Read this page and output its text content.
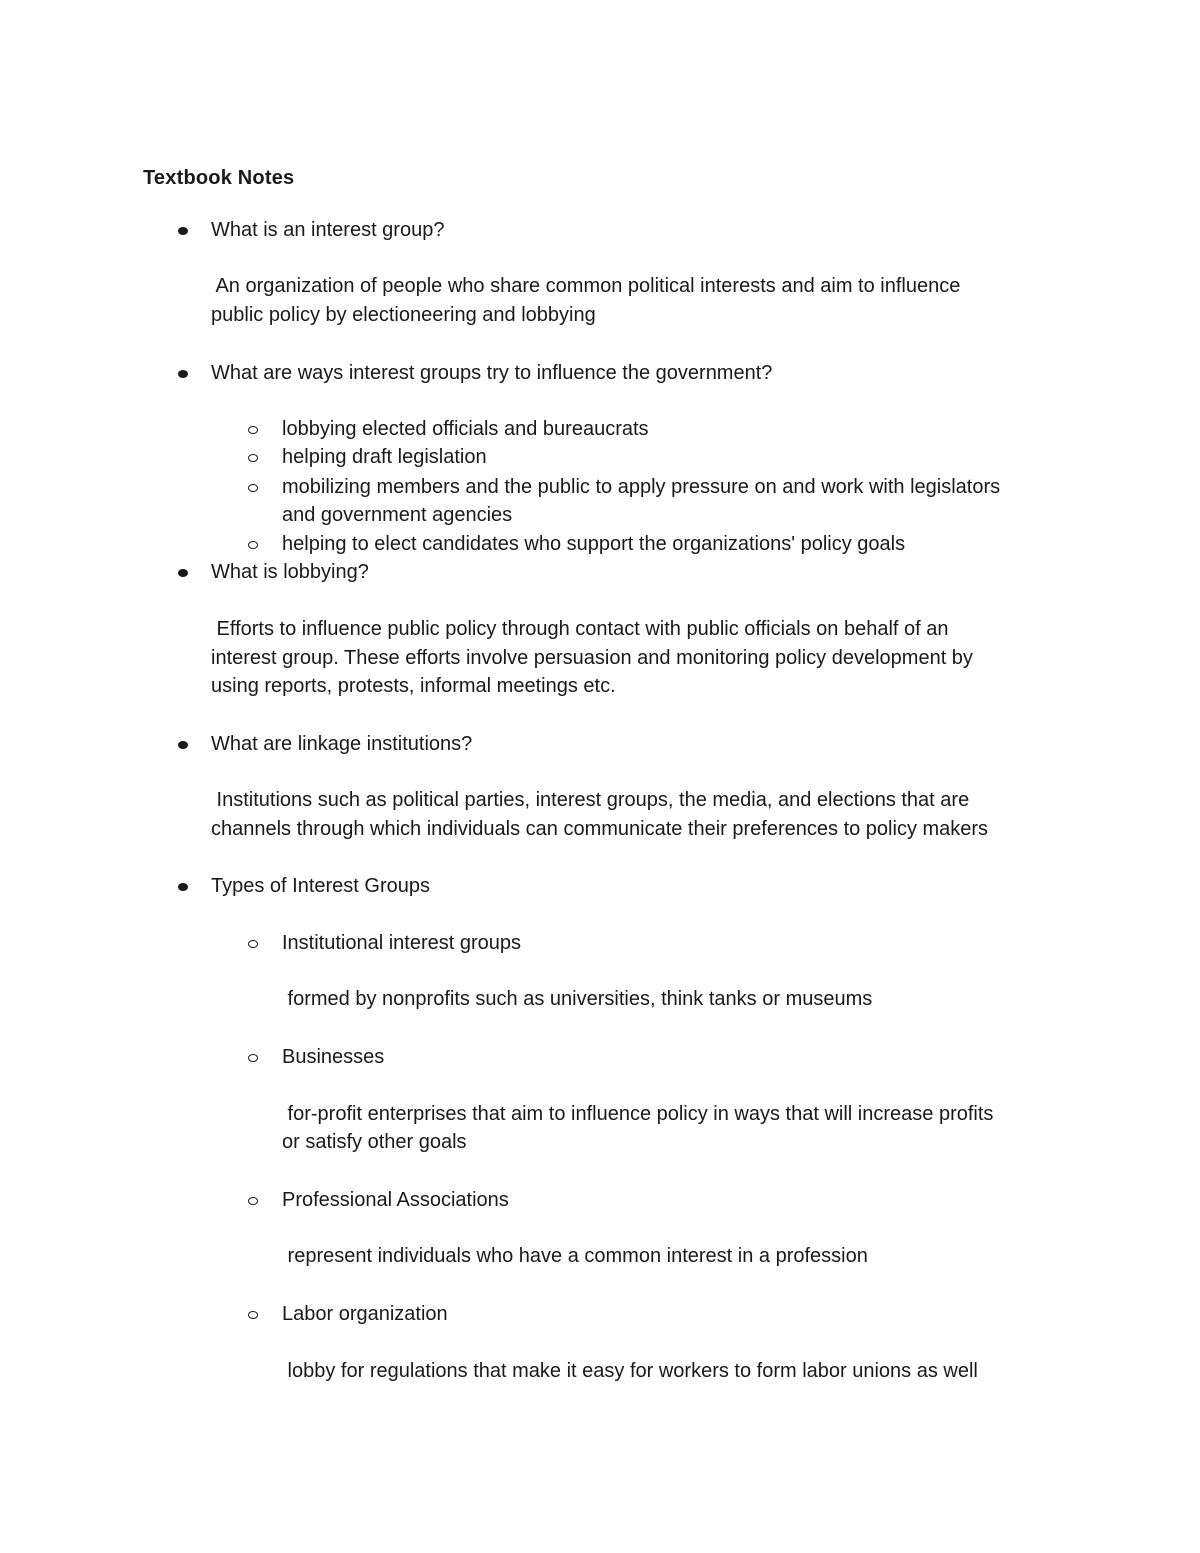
Textbook Notes
What is an interest group?
An organization of people who share common political interests and aim to influence
public policy by electioneering and lobbying
What are ways interest groups try to influence the government?
lobbying elected officials and bureaucrats
helping draft legislation
mobilizing members and the public to apply pressure on and work with legislators
and government agencies
helping to elect candidates who support the organizations' policy goals
What is lobbying?
Efforts to influence public policy through contact with public officials on behalf of an
interest group. These efforts involve persuasion and monitoring policy development by
using reports, protests, informal meetings etc.
What are linkage institutions?
Institutions such as political parties, interest groups, the media, and elections that are
channels through which individuals can communicate their preferences to policy makers
Types of Interest Groups
Institutional interest groups
formed by nonprofits such as universities, think tanks or museums
Businesses
for-profit enterprises that aim to influence policy in ways that will increase profits
or satisfy other goals
Professional Associations
represent individuals who have a common interest in a profession
Labor organization
lobby for regulations that make it easy for workers to form labor unions as well
